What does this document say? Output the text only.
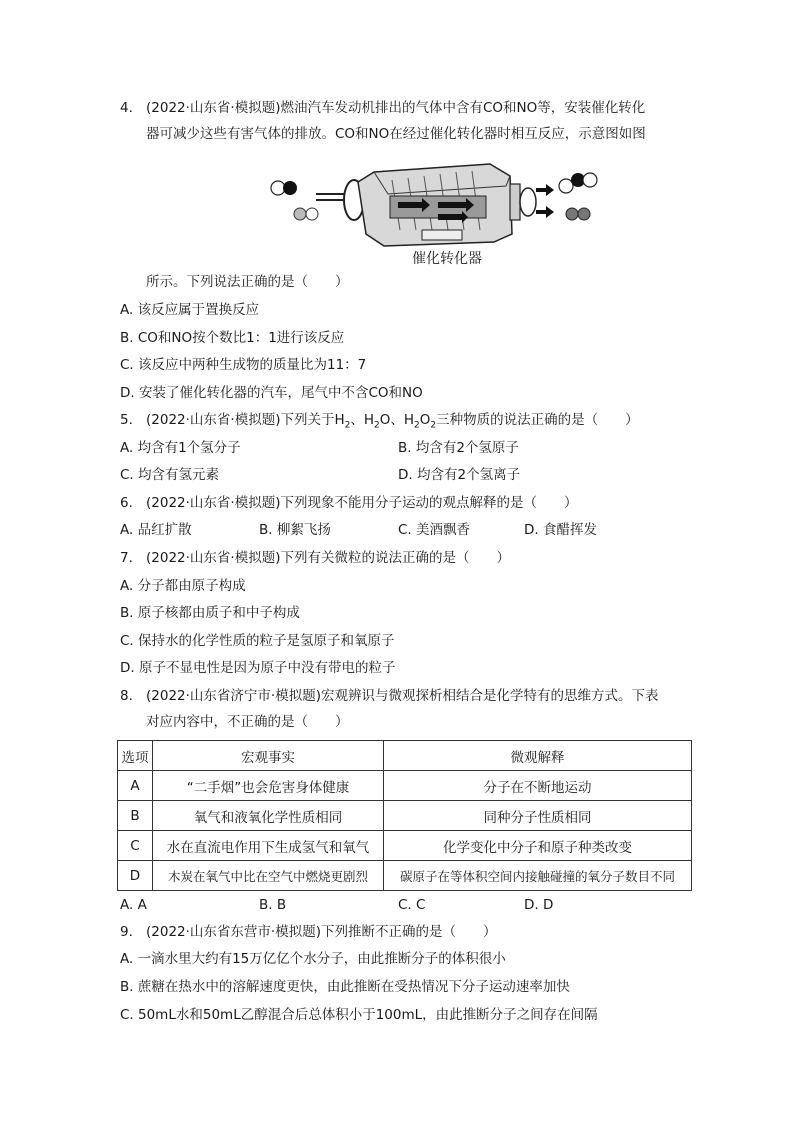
4. (2022·山东省·模拟题)燃油汽车发动机排出的气体中含有CO和NO等，安装催化转化
器可减少这些有害气体的排放。CO和NO在经过催化转化器时相互反应，示意图如图
催化转化器
所示。下列说法正确的是（　　）
A. 该反应属于置换反应
B. CO和NO按个数比1：1进行该反应
C. 该反应中两种生成物的质量比为11：7
D. 安装了催化转化器的汽车，尾气中不含CO和NO
5. (2022·山东省·模拟题)下列关于$H_2$、$H_2O$、$H_2O_2$三种物质的说法正确的是（　　）
A. 均含有1个氢分子	B. 均含有2个氢原子
C. 均含有氢元素	D. 均含有2个氢离子
6. (2022·山东省·模拟题)下列现象不能用分子运动的观点解释的是（　　）
A. 品红扩散	B. 柳絮飞扬	C. 美酒飘香	D. 食醋挥发
7. (2022·山东省·模拟题)下列有关微粒的说法正确的是（　　）
A. 分子都由原子构成
B. 原子核都由质子和中子构成
C. 保持水的化学性质的粒子是氢原子和氧原子
D. 原子不显电性是因为原子中没有带电的粒子
8. (2022·山东省济宁市·模拟题)宏观辨识与微观探析相结合是化学特有的思维方式。下表
对应内容中，不正确的是（　　）
选项	宏观事实	微观解释
A	“二手烟”也会危害身体健康	分子在不断地运动
B	氧气和液氧化学性质相同	同种分子性质相同
C	水在直流电作用下生成氢气和氧气	化学变化中分子和原子种类改变
D	木炭在氧气中比在空气中燃烧更剧烈	碳原子在等体积空间内接触碰撞的氧分子数目不同
A. A	B. B	C. C	D. D
9. (2022·山东省东营市·模拟题)下列推断不正确的是（　　）
A. 一滴水里大约有15万亿亿个水分子，由此推断分子的体积很小
B. 蔗糖在热水中的溶解速度更快，由此推断在受热情况下分子运动速率加快
C. 50mL水和50mL乙醇混合后总体积小于100mL，由此推断分子之间存在间隔
